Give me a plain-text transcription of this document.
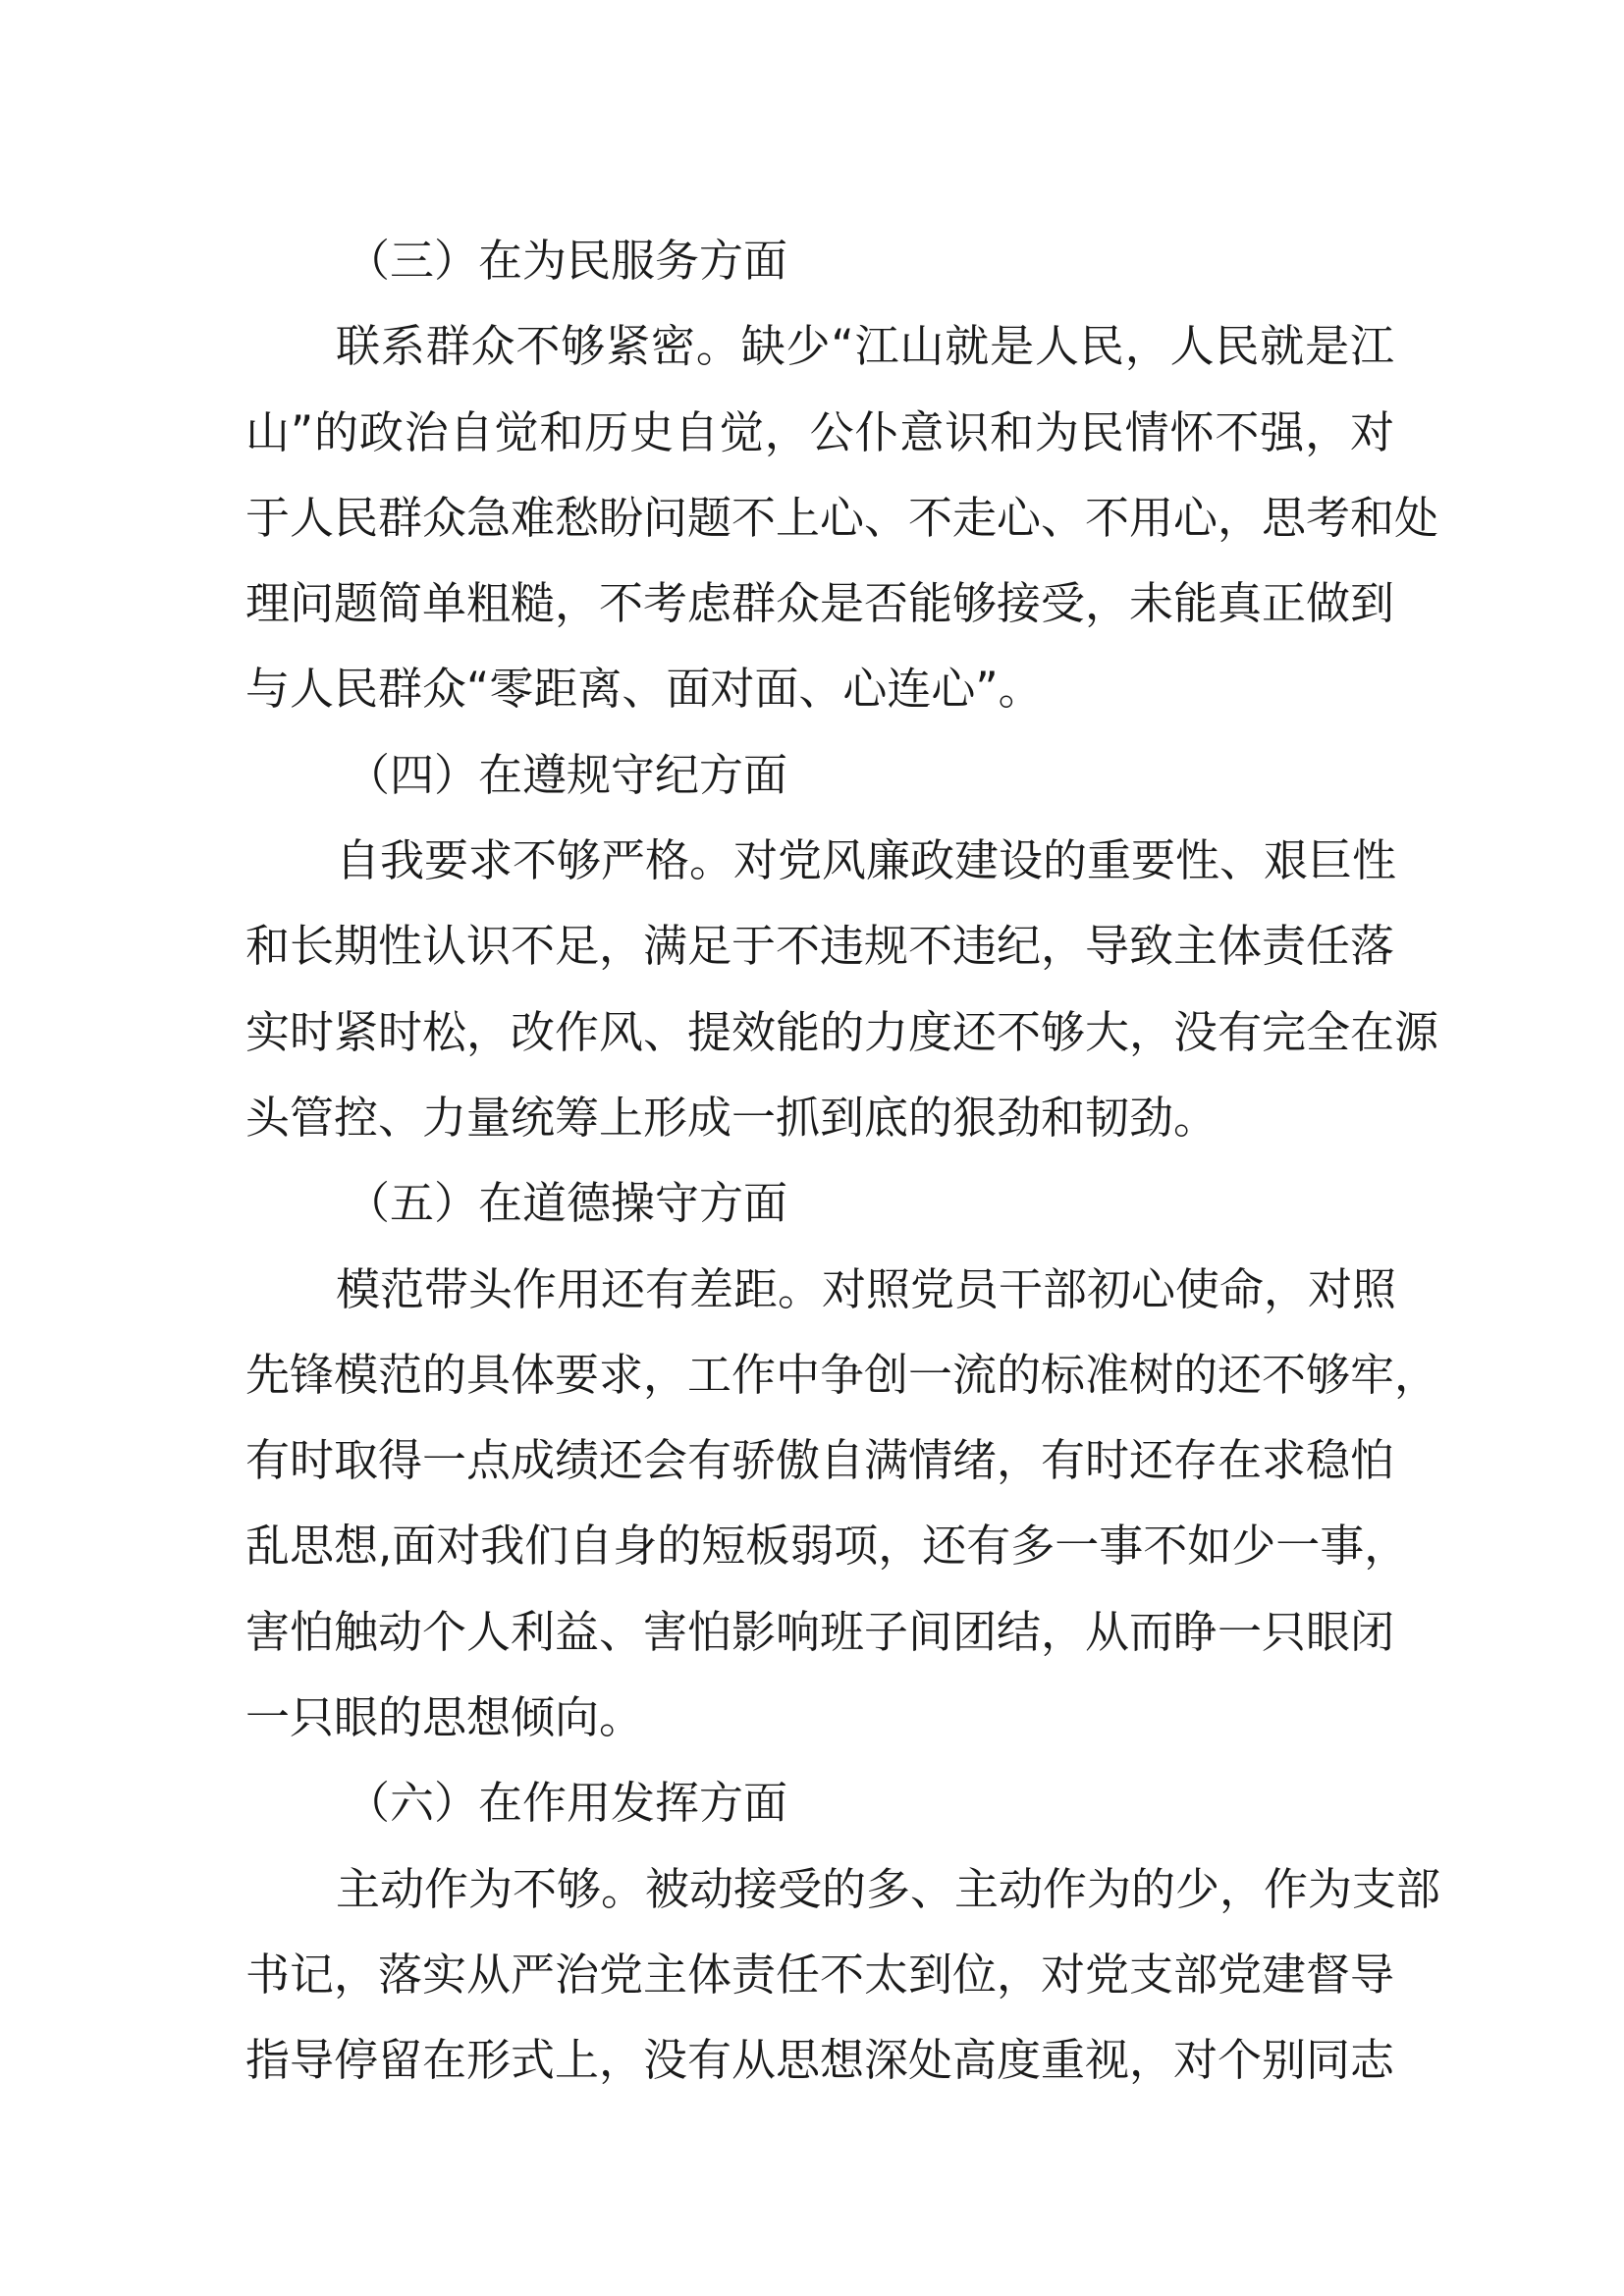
（三）在为民服务方面
联系群众不够紧密。缺少“江山就是人民，人民就是江
山”的政治自觉和历史自觉，公仆意识和为民情怀不强，对
于人民群众急难愁盼问题不上心、不走心、不用心，思考和处
理问题简单粗糙，不考虑群众是否能够接受，未能真正做到
与人民群众“零距离、面对面、心连心”。
（四）在遵规守纪方面
自我要求不够严格。对党风廉政建设的重要性、艰巨性
和长期性认识不足，满足于不违规不违纪，导致主体责任落
实时紧时松，改作风、提效能的力度还不够大，没有完全在源
头管控、力量统筹上形成一抓到底的狠劲和韧劲。
（五）在道德操守方面
模范带头作用还有差距。对照党员干部初心使命，对照
先锋模范的具体要求，工作中争创一流的标准树的还不够牢，
有时取得一点成绩还会有骄傲自满情绪，有时还存在求稳怕
乱思想,面对我们自身的短板弱项，还有多一事不如少一事，
害怕触动个人利益、害怕影响班子间团结，从而睁一只眼闭
一只眼的思想倾向。
（六）在作用发挥方面
主动作为不够。被动接受的多、主动作为的少，作为支部
书记，落实从严治党主体责任不太到位，对党支部党建督导
指导停留在形式上，没有从思想深处高度重视，对个别同志
